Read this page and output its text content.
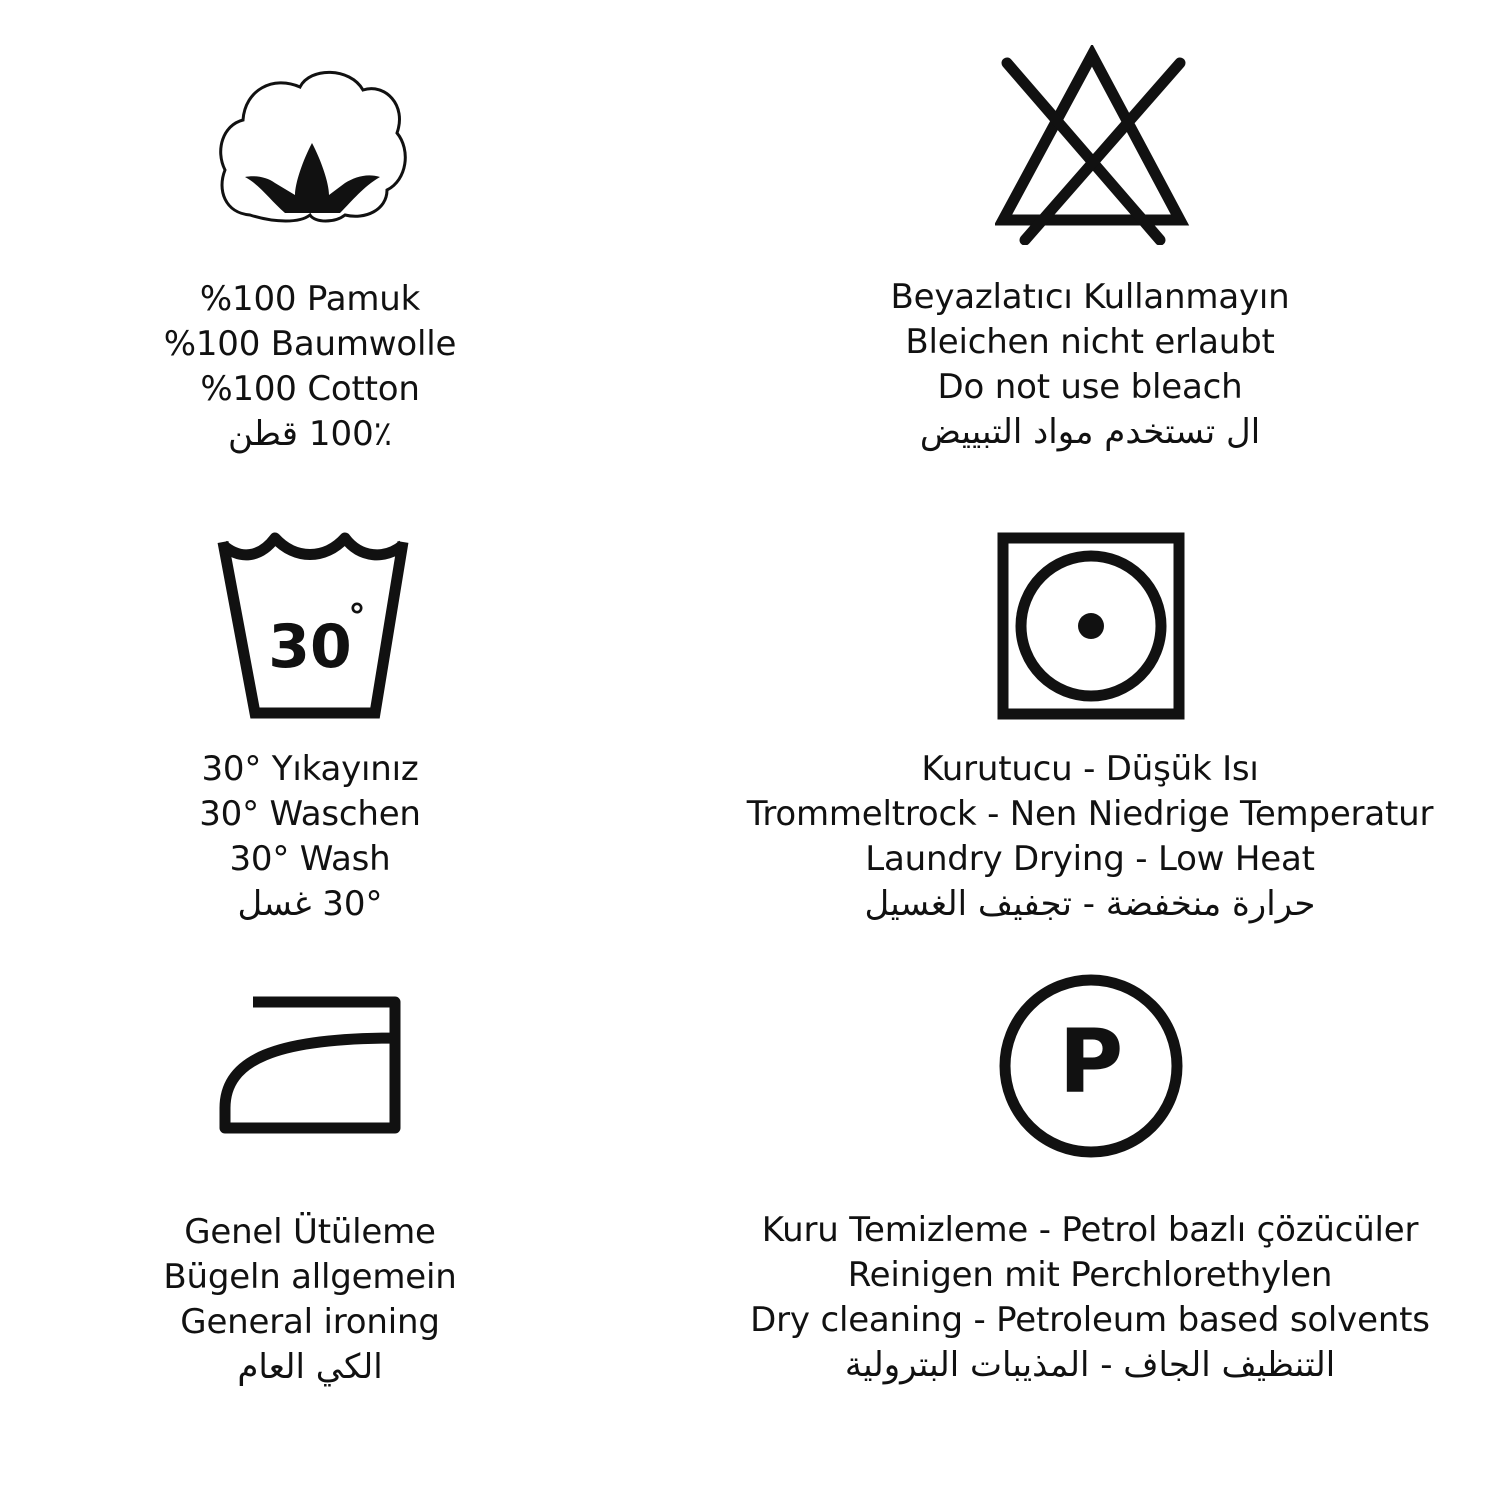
%100 Pamuk
%100 Baumwolle
%100 Cotton
100٪ قطن
Beyazlatıcı Kullanmayın
Bleichen nicht erlaubt
Do not use bleach
ال تستخدم مواد التبييض
30
°
30° Yıkayınız
30° Waschen
30° Wash
30° غسل
Kurutucu - Düşük Isı
Trommeltrock - Nen Niedrige Temperatur
Laundry Drying - Low Heat
حرارة منخفضة - تجفيف الغسيل
Genel Ütüleme
Bügeln allgemein
General ironing
الكي العام
P
Kuru Temizleme - Petrol bazlı çözücüler
Reinigen mit Perchlorethylen
Dry cleaning - Petroleum based solvents
التنظيف الجاف - المذيبات البترولية
